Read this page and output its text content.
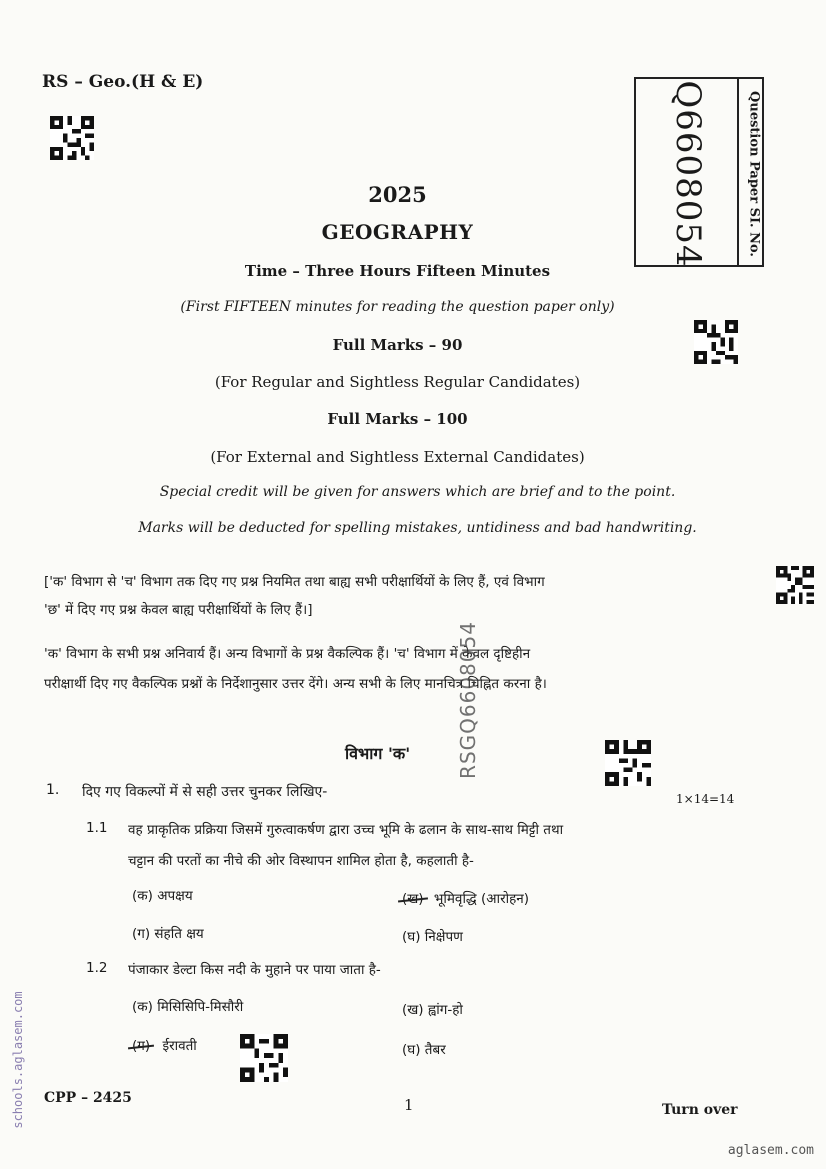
RS – Geo.(H & E)	Q6608054	Question Paper SI. No.
2025
GEOGRAPHY
Time – Three Hours Fifteen Minutes
(First FIFTEEN minutes for reading the question paper only)
Full Marks – 90
(For Regular and Sightless Regular Candidates)
Full Marks – 100
(For External and Sightless External Candidates)
Special credit will be given for answers which are brief and to the point.
Marks will be deducted for spelling mistakes, untidiness and bad handwriting.
['क' विभाग से 'च' विभाग तक दिए गए प्रश्न नियमित तथा बाह्य सभी परीक्षार्थियों के लिए हैं, एवं विभाग
'छ' में दिए गए प्रश्न केवल बाह्य परीक्षार्थियों के लिए हैं।]
'क' विभाग के सभी प्रश्न अनिवार्य हैं। अन्य विभागों के प्रश्न वैकल्पिक हैं। 'च' विभाग में केवल दृष्टिहीन
परीक्षार्थी दिए गए वैकल्पिक प्रश्नों के निर्देशानुसार उत्तर देंगे। अन्य सभी के लिए मानचित्र चिह्नित करना है।
विभाग 'क'
1. दिए गए विकल्पों में से सही उत्तर चुनकर लिखिए-	1×14=14
1.1 वह प्राकृतिक प्रक्रिया जिसमें गुरुत्वाकर्षण द्वारा उच्च भूमि के ढलान के साथ-साथ मिट्टी तथा
चट्टान की परतों का नीचे की ओर विस्थापन शामिल होता है, कहलाती है-
(क) अपक्षय	(ख) भूमिवृद्धि (आरोहन)
(ग) संहति क्षय	(घ) निक्षेपण
1.2 पंजाकार डेल्टा किस नदी के मुहाने पर पाया जाता है-
(क) मिसिसिपि-मिसौरी	(ख) ह्वांग-हो
(ग) ईरावती	(घ) तैबर
RSGQ6608054
CPP – 2425	1	Turn over
schools.aglasem.com
aglasem.com
